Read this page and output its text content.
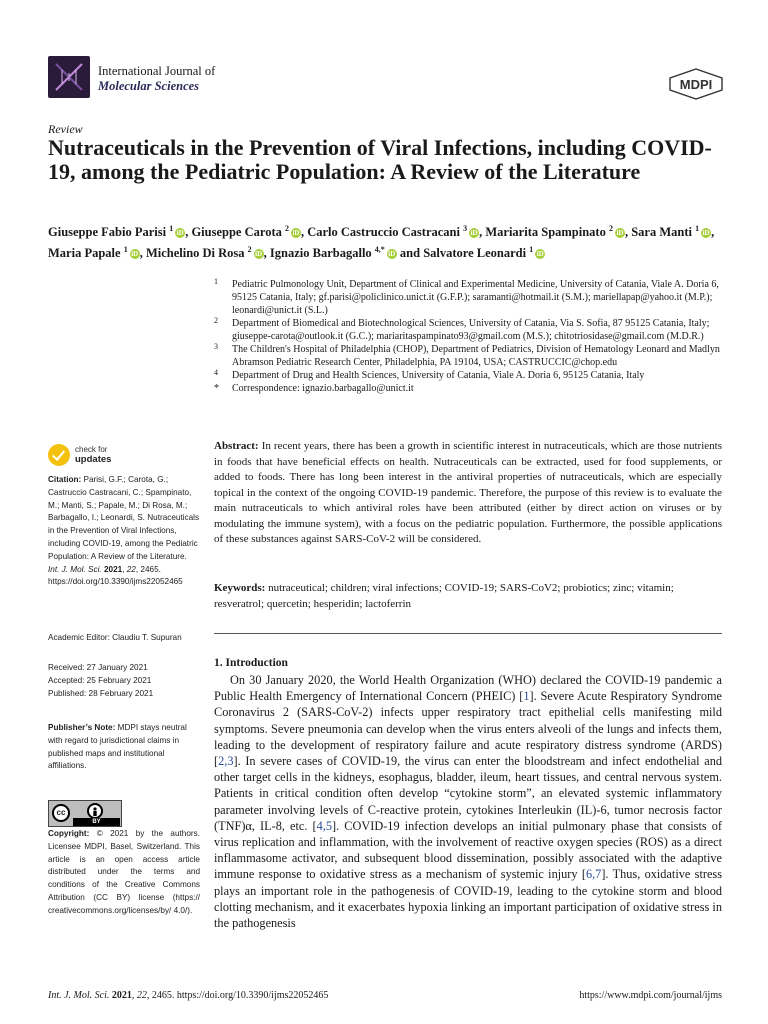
International Journal of
Molecular Sciences	MDPI
Review
Nutraceuticals in the Prevention of Viral Infections, including COVID-19, among the Pediatric Population: A Review of the Literature
Giuseppe Fabio Parisi $^1$iD , Giuseppe Carota $^2$iD , Carlo Castruccio Castracani $^3$iD , Mariarita Spampinato $^2$iD , Sara Manti $^1$iD , Maria Papale $^1$iD , Michelino Di Rosa $^2$iD , Ignazio Barbagallo $^{4,*}$iD and Salvatore Leonardi $^1$iD
1 Pediatric Pulmonology Unit, Department of Clinical and Experimental Medicine, University of Catania, Viale A. Doria 6, 95125 Catania, Italy; gf.parisi@policlinico.unict.it (G.F.P.); saramanti@hotmail.it (S.M.); mariellapap@yahoo.it (M.P.); leonardi@unict.it (S.L.)
2 Department of Biomedical and Biotechnological Sciences, University of Catania, Via S. Sofia, 87 95125 Catania, Italy; giuseppe-carota@outlook.it (G.C.); mariaritaspampinato93@gmail.com (M.S.); chitotriosidase@gmail.com (M.D.R.)
3 The Children's Hospital of Philadelphia (CHOP), Department of Pediatrics, Division of Hematology Leonard and Madlyn Abramson Pediatric Research Center, Philadelphia, PA 19104, USA; CASTRUCCIC@chop.edu
4 Department of Drug and Health Sciences, University of Catania, Viale A. Doria 6, 95125 Catania, Italy
* Correspondence: ignazio.barbagallo@unict.it
check for
updates
Citation: Parisi, G.F.; Carota, G.; Castruccio Castracani, C.; Spampinato, M.; Manti, S.; Papale, M.; Di Rosa, M.; Barbagallo, I.; Leonardi, S. Nutraceuticals in the Prevention of Viral Infections, including COVID-19, among the Pediatric Population: A Review of the Literature. Int. J. Mol. Sci. 2021, 22, 2465. https://doi.org/10.3390/ijms22052465
Academic Editor: Claudiu T. Supuran
Received: 27 January 2021
Accepted: 25 February 2021
Published: 28 February 2021
Publisher’s Note: MDPI stays neutral with regard to jurisdictional claims in published maps and institutional affiliations.
cc
BY
Copyright: © 2021 by the authors. Licensee MDPI, Basel, Switzerland. This article is an open access article distributed under the terms and conditions of the Creative Commons Attribution (CC BY) license (https:// creativecommons.org/licenses/by/ 4.0/).
Abstract: In recent years, there has been a growth in scientific interest in nutraceuticals, which are those nutrients in foods that have beneficial effects on health. Nutraceuticals can be extracted, used for food supplements, or added to foods. There has long been interest in the antiviral properties of nutraceuticals, which are especially topical in the context of the ongoing COVID-19 pandemic. Therefore, the purpose of this review is to evaluate the main nutraceuticals to which antiviral roles have been attributed (either by direct action on viruses or by modulating the immune system), with a focus on the pediatric population. Furthermore, the possible applications of these substances against SARS-CoV-2 will be considered.
Keywords: nutraceutical; children; viral infections; COVID-19; SARS-CoV2; probiotics; zinc; vitamin; resveratrol; quercetin; hesperidin; lactoferrin
1. Introduction
On 30 January 2020, the World Health Organization (WHO) declared the COVID-19 pandemic a Public Health Emergency of International Concern (PHEIC) [1]. Severe Acute Respiratory Syndrome Coronavirus 2 (SARS-CoV-2) infects upper respiratory tract epithelial cells manifesting mild symptoms. Severe pneumonia can develop when the virus enters alveoli of the lungs and infects them, leading to the development of respiratory failure and acute respiratory distress syndrome (ARDS) [2,3]. In severe cases of COVID-19, the virus can enter the bloodstream and infect endothelial and other target cells in the kidneys, esophagus, bladder, ileum, heart tissues, and central nervous system. Patients in critical condition often develop “cytokine storm”, an elevated systemic inflammatory parameter involving levels of C-reactive protein, cytokines Interleukin (IL)-6, tumor necrosis factor (TNF)α, IL-8, etc. [4,5]. COVID-19 infection develops an initial pulmonary phase that consists of virus replication and inflammation, with the involvement of reactive oxygen species (ROS) as a direct inflammasome activator, and subsequent blood dissemination, possibly associated with the adaptive immune response to oxidative stress as a mechanism of systemic injury [6,7]. Thus, oxidative stress plays an important role in the pathogenesis of COVID-19, leading to the cytokine storm and blood clotting mechanism, and it exacerbates hypoxia linking an important participation of oxidative stress in the pathogenesis
Int. J. Mol. Sci. 2021, 22, 2465. https://doi.org/10.3390/ijms22052465	https://www.mdpi.com/journal/ijms
